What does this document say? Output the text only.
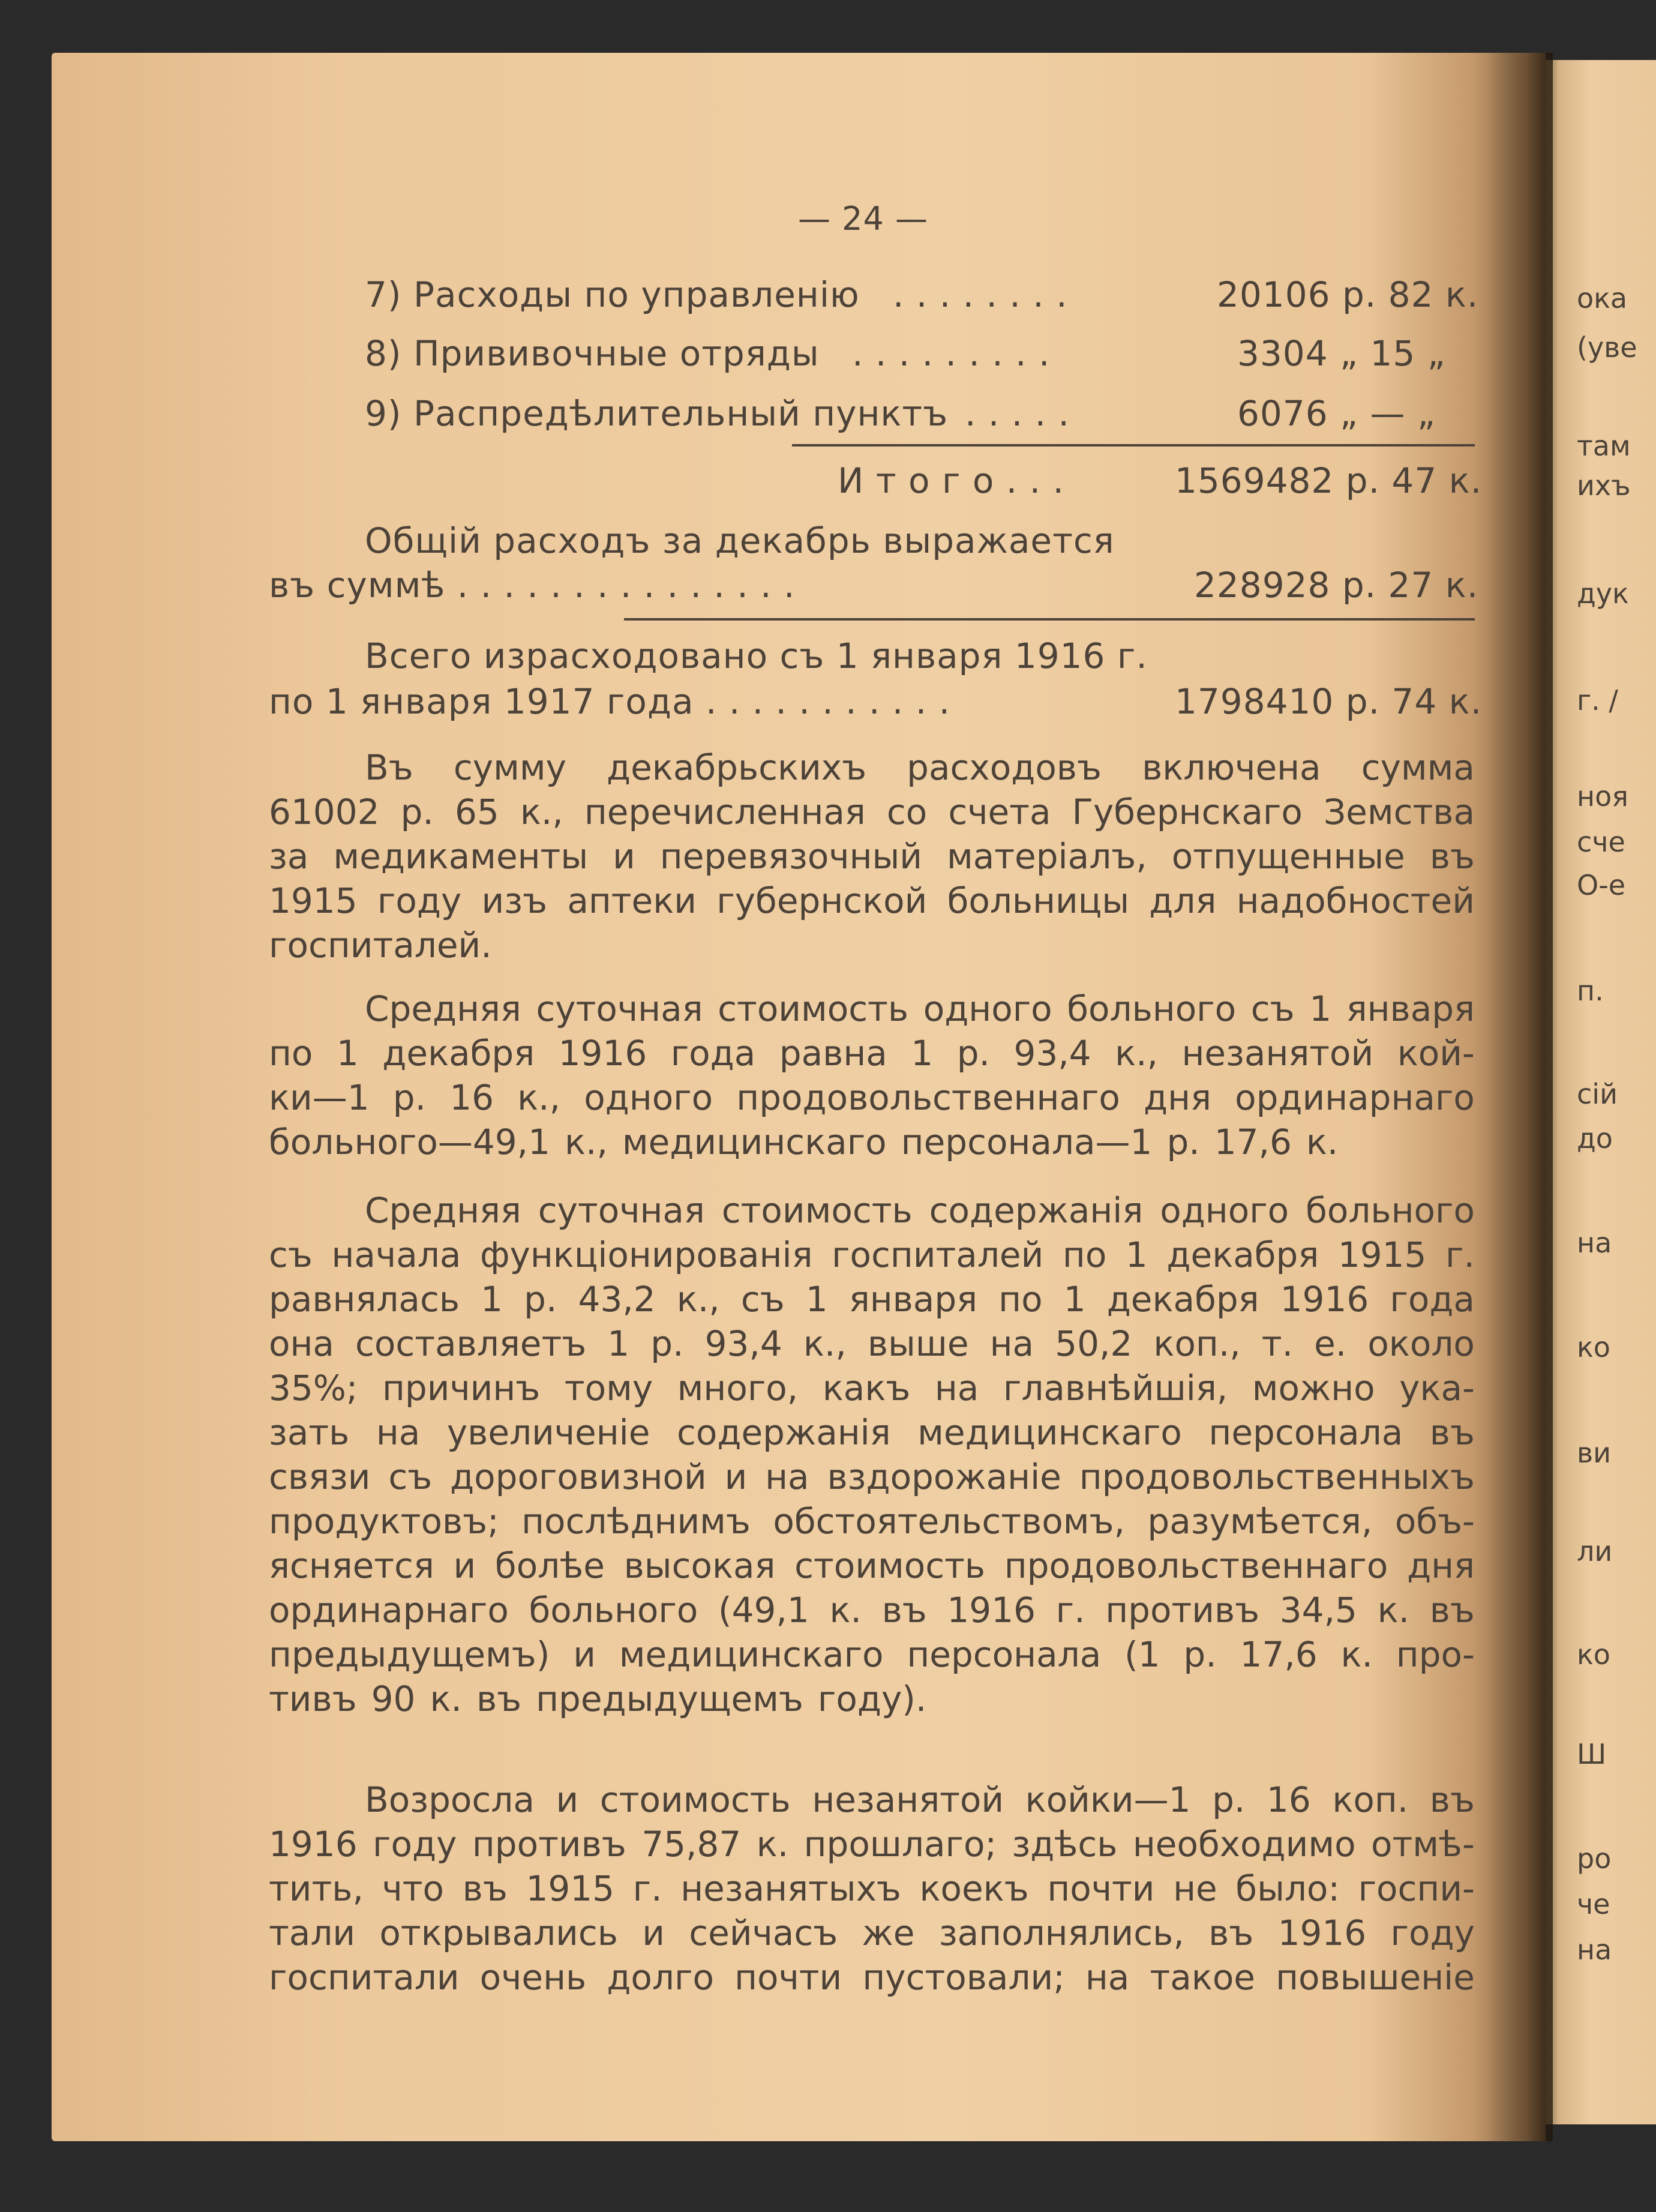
— 24 —
7) Расходы по управленію . . . . . . . .	20106 р. 82 к.
8) Прививочные отряды . . . . . . . . .	3304 „ 15 „
9) Распредѣлительный пунктъ . . . . .	6076 „ — „
И т о г о . . .	1569482 р. 47 к.
Общій расходъ за декабрь выражается
въ суммѣ . . . . . . . . . . . . . . .	228928 р. 27 к.
Всего израсходовано съ 1 января 1916 г.
по 1 января 1917 года . . . . . . . . . . .	1798410 р. 74 к.
Въ сумму декабрьскихъ расходовъ включена сумма
61002 р. 65 к., перечисленная со счета Губернскаго Земства
за медикаменты и перевязочный матеріалъ, отпущенные въ
1915 году изъ аптеки губернской больницы для надобностей
госпиталей.
Средняя суточная стоимость одного больного съ 1 января
по 1 декабря 1916 года равна 1 р. 93,4 к., незанятой кой-
ки—1 р. 16 к., одного продовольственнаго дня ординарнаго
больного—49,1 к., медицинскаго персонала—1 р. 17,6 к.
Средняя суточная стоимость содержанія одного больного
съ начала функціонированія госпиталей по 1 декабря 1915 г.
равнялась 1 р. 43,2 к., съ 1 января по 1 декабря 1916 года
она составляетъ 1 р. 93,4 к., выше на 50,2 коп., т. е. около
35%; причинъ тому много, какъ на главнѣйшія, можно ука-
зать на увеличеніе содержанія медицинскаго персонала въ
связи съ дороговизной и на вздорожаніе продовольственныхъ
продуктовъ; послѣднимъ обстоятельствомъ, разумѣется, объ-
ясняется и болѣе высокая стоимость продовольственнаго дня
ординарнаго больного (49,1 к. въ 1916 г. противъ 34,5 к. въ
предыдущемъ) и медицинскаго персонала (1 р. 17,6 к. про-
тивъ 90 к. въ предыдущемъ году).
Возросла и стоимость незанятой койки—1 р. 16 коп. въ
1916 году противъ 75,87 к. прошлаго; здѣсь необходимо отмѣ-
тить, что въ 1915 г. незанятыхъ коекъ почти не было: госпи-
тали открывались и сейчасъ же заполнялись, въ 1916 году
госпитали очень долго почти пустовали; на такое повышеніе
ока
(уве
там
ихъ
дук
г. /
ноя
сче
О-е
п.
сій
до
на
ко
ви
ли
ко
Ш
ро
че
на
